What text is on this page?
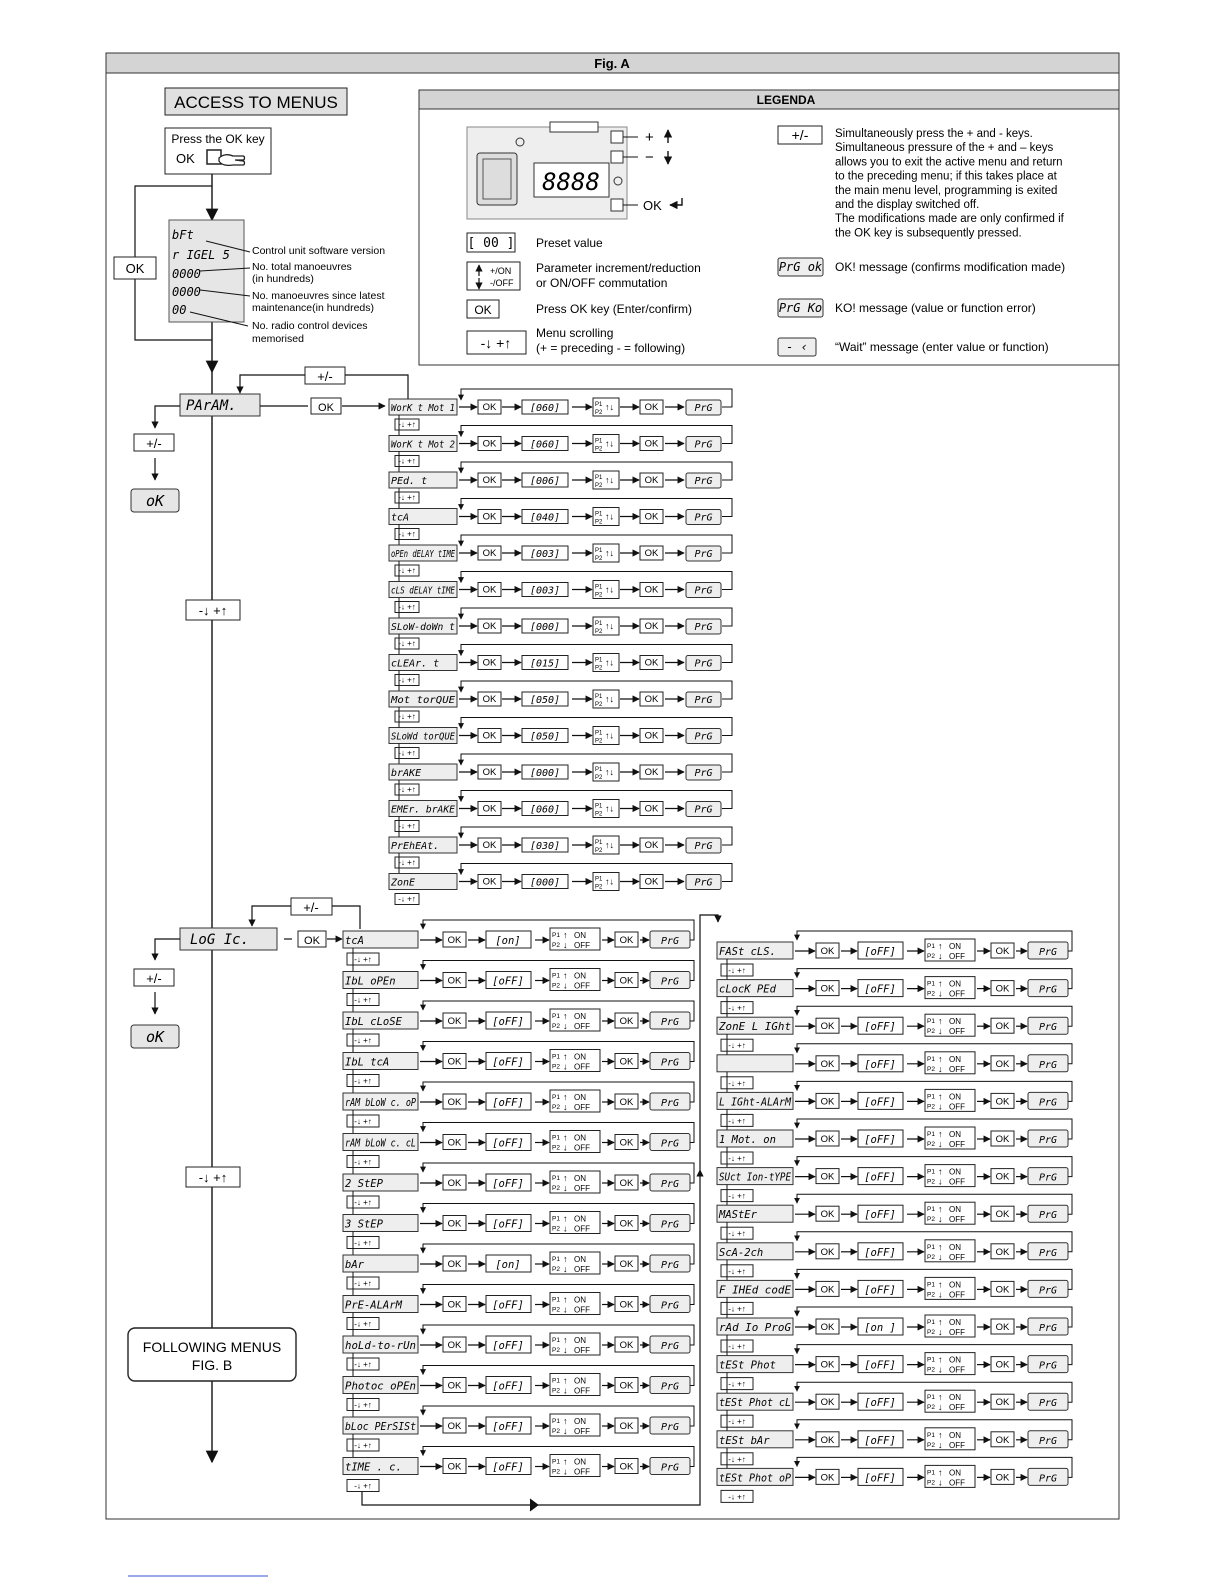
Fig. A
ACCESS TO MENUS
Press the OK key
OK
OK
bFt
r IGEL 5
0000
0000
00
Control unit software version
No. total manoeuvres
(in hundreds)
No. manoeuvres since latest
maintenance(in hundreds)
No. radio control devices
memorised
LEGENDA
8888
+
−
OK
[ 00 ] Preset value
+/ON
-/OFF
Parameter increment/reduction
or ON/OFF commutation
OK	Press OK key (Enter/confirm)
-↓ +↑
Menu scrolling
(+ = preceding - = following)
+/- Simultaneously press the + and - keys.
Simultaneous pressure of the + and – keys
allows you to exit the active menu and return
to the preceding menu; if this takes place at
the main menu level, programming is exited
and the display switched off.
The modifications made are only confirmed if
the OK key is subsequently pressed.
PrG ok OK! message (confirms modification made)
PrG Ko KO! message (value or function error)
- ‹ “Wait” message (enter value or function)
PArAM.	OK
+/-
+/-
oK
-↓ +↑
WorK t Mot 1	OK	[060]	P1
P2
↑↓	OK	PrG
-↓ +↑
WorK t Mot 2	OK	[060]	P1
P2
↑↓	OK	PrG
-↓ +↑
PEd. t	OK	[006]	P1
P2
↑↓	OK	PrG
-↓ +↑
tcA	OK	[040]	P1
P2
↑↓	OK	PrG
-↓ +↑
oPEn dELAY tIME	OK	[003]	P1
P2
↑↓	OK	PrG
-↓ +↑
cLS dELAY tIME	OK	[003]	P1
P2
↑↓	OK	PrG
-↓ +↑
SLoW-doWn t	OK	[000]	P1
P2
↑↓	OK	PrG
-↓ +↑
cLEAr. t	OK	[015]	P1
P2
↑↓	OK	PrG
-↓ +↑
Mot torQUE	OK	[050]	P1
P2
↑↓	OK	PrG
-↓ +↑
SLoWd torQUE	OK	[050]	P1
P2
↑↓	OK	PrG
-↓ +↑
brAKE	OK	[000]	P1
P2
↑↓	OK	PrG
-↓ +↑
EMEr. brAKE	OK	[060]	P1
P2
↑↓	OK	PrG
-↓ +↑
PrEhEAt.	OK	[030]	P1
P2
↑↓	OK	PrG
-↓ +↑
ZonE	OK	[000]	P1
P2
↑↓	OK	PrG
-↓ +↑
LoG Ic.	OK
+/-
+/-
oK
-↓ +↑
tcA	OK	[on]	P1
P2
↑
↓
ON
OFF	OK	PrG
-↓ +↑
IbL oPEn	OK	[oFF]	P1
P2
↑
↓
ON
OFF	OK	PrG
-↓ +↑
IbL cLoSE	OK	[oFF]	P1
P2
↑
↓
ON
OFF	OK	PrG
-↓ +↑
IbL tcA	OK	[oFF]	P1
P2
↑
↓
ON
OFF	OK	PrG
-↓ +↑
rAM bLoW c. oP	OK	[oFF]	P1
P2
↑
↓
ON
OFF	OK	PrG
-↓ +↑
rAM bLoW c. cL	OK	[oFF]	P1
P2
↑
↓
ON
OFF	OK	PrG
-↓ +↑
2 StEP	OK	[oFF]	P1
P2
↑
↓
ON
OFF	OK	PrG
-↓ +↑
3 StEP	OK	[oFF]	P1
P2
↑
↓
ON
OFF	OK	PrG
-↓ +↑
bAr	OK	[on]	P1
P2
↑
↓
ON
OFF	OK	PrG
-↓ +↑
PrE-ALArM	OK	[oFF]	P1
P2
↑
↓
ON
OFF	OK	PrG
-↓ +↑
hoLd-to-rUn	OK	[oFF]	P1
P2
↑
↓
ON
OFF	OK	PrG
-↓ +↑
Photoc oPEn	OK	[oFF]	P1
P2
↑
↓
ON
OFF	OK	PrG
-↓ +↑
bLoc PErSISt	OK	[oFF]	P1
P2
↑
↓
ON
OFF	OK	PrG
-↓ +↑
tIME . c.	OK	[oFF]	P1
P2
↑
↓
ON
OFF	OK	PrG
-↓ +↑
FASt cLS.	OK	[oFF]	P1
P2
↑
↓
ON
OFF	OK	PrG
-↓ +↑
cLocK PEd	OK	[oFF]	P1
P2
↑
↓
ON
OFF	OK	PrG
-↓ +↑
ZonE L IGht	OK	[oFF]	P1
P2
↑
↓
ON
OFF	OK	PrG
-↓ +↑
OK	[oFF]	P1
P2
↑
↓
ON
OFF	OK	PrG
-↓ +↑
L IGht-ALArM	OK	[oFF]	P1
P2
↑
↓
ON
OFF	OK	PrG
-↓ +↑
1 Mot. on	OK	[oFF]	P1
P2
↑
↓
ON
OFF	OK	PrG
-↓ +↑
SUct Ion-tYPE	OK	[oFF]	P1
P2
↑
↓
ON
OFF	OK	PrG
-↓ +↑
MAStEr	OK	[oFF]	P1
P2
↑
↓
ON
OFF	OK	PrG
-↓ +↑
ScA-2ch	OK	[oFF]	P1
P2
↑
↓
ON
OFF	OK	PrG
-↓ +↑
F IHEd codE	OK	[oFF]	P1
P2
↑
↓
ON
OFF	OK	PrG
-↓ +↑
rAd Io ProG	OK	[on ]	P1
P2
↑
↓
ON
OFF	OK	PrG
-↓ +↑
tESt Phot	OK	[oFF]	P1
P2
↑
↓
ON
OFF	OK	PrG
-↓ +↑
tESt Phot cL	OK	[oFF]	P1
P2
↑
↓
ON
OFF	OK	PrG
-↓ +↑
tESt bAr	OK	[oFF]	P1
P2
↑
↓
ON
OFF	OK	PrG
-↓ +↑
tESt Phot oP	OK	[oFF]	P1
P2
↑
↓
ON
OFF	OK	PrG
-↓ +↑
FOLLOWING MENUS
FIG. B
